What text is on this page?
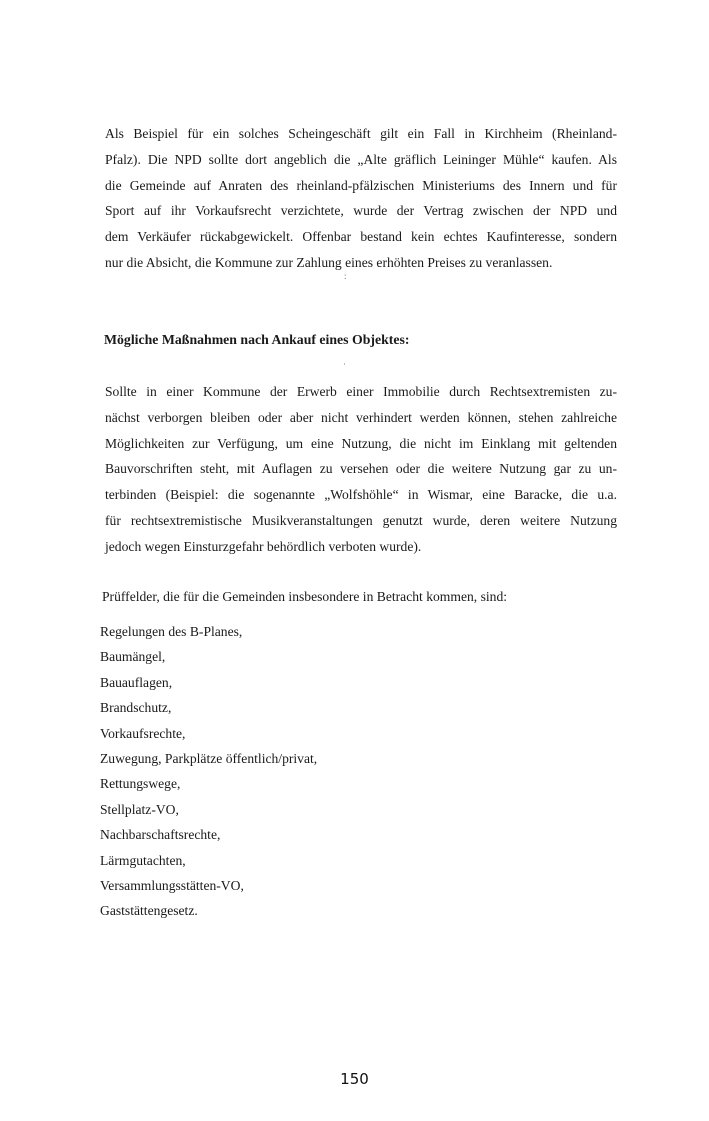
Als Beispiel für ein solches Scheingeschäft gilt ein Fall in Kirchheim (Rheinland-
Pfalz). Die NPD sollte dort angeblich die „Alte gräflich Leininger Mühle“ kaufen. Als
die Gemeinde auf Anraten des rheinland-pfälzischen Ministeriums des Innern und für
Sport auf ihr Vorkaufsrecht verzichtete, wurde der Vertrag zwischen der NPD und
dem Verkäufer rückabgewickelt. Offenbar bestand kein echtes Kaufinteresse, sondern
nur die Absicht, die Kommune zur Zahlung eines erhöhten Preises zu veranlassen.
:
Mögliche Maßnahmen nach Ankauf eines Objektes:
·
Sollte in einer Kommune der Erwerb einer Immobilie durch Rechtsextremisten zu-
nächst verborgen bleiben oder aber nicht verhindert werden können, stehen zahlreiche
Möglichkeiten zur Verfügung, um eine Nutzung, die nicht im Einklang mit geltenden
Bauvorschriften steht, mit Auflagen zu versehen oder die weitere Nutzung gar zu un-
terbinden (Beispiel: die sogenannte „Wolfshöhle“ in Wismar, eine Baracke, die u.a.
für rechtsextremistische Musikveranstaltungen genutzt wurde, deren weitere Nutzung
jedoch wegen Einsturzgefahr behördlich verboten wurde).
Prüffelder, die für die Gemeinden insbesondere in Betracht kommen, sind:
Regelungen des B-Planes,
Baumängel,
Bauauflagen,
Brandschutz,
Vorkaufsrechte,
Zuwegung, Parkplätze öffentlich/privat,
Rettungswege,
Stellplatz-VO,
Nachbarschaftsrechte,
Lärmgutachten,
Versammlungsstätten-VO,
Gaststättengesetz.
150
